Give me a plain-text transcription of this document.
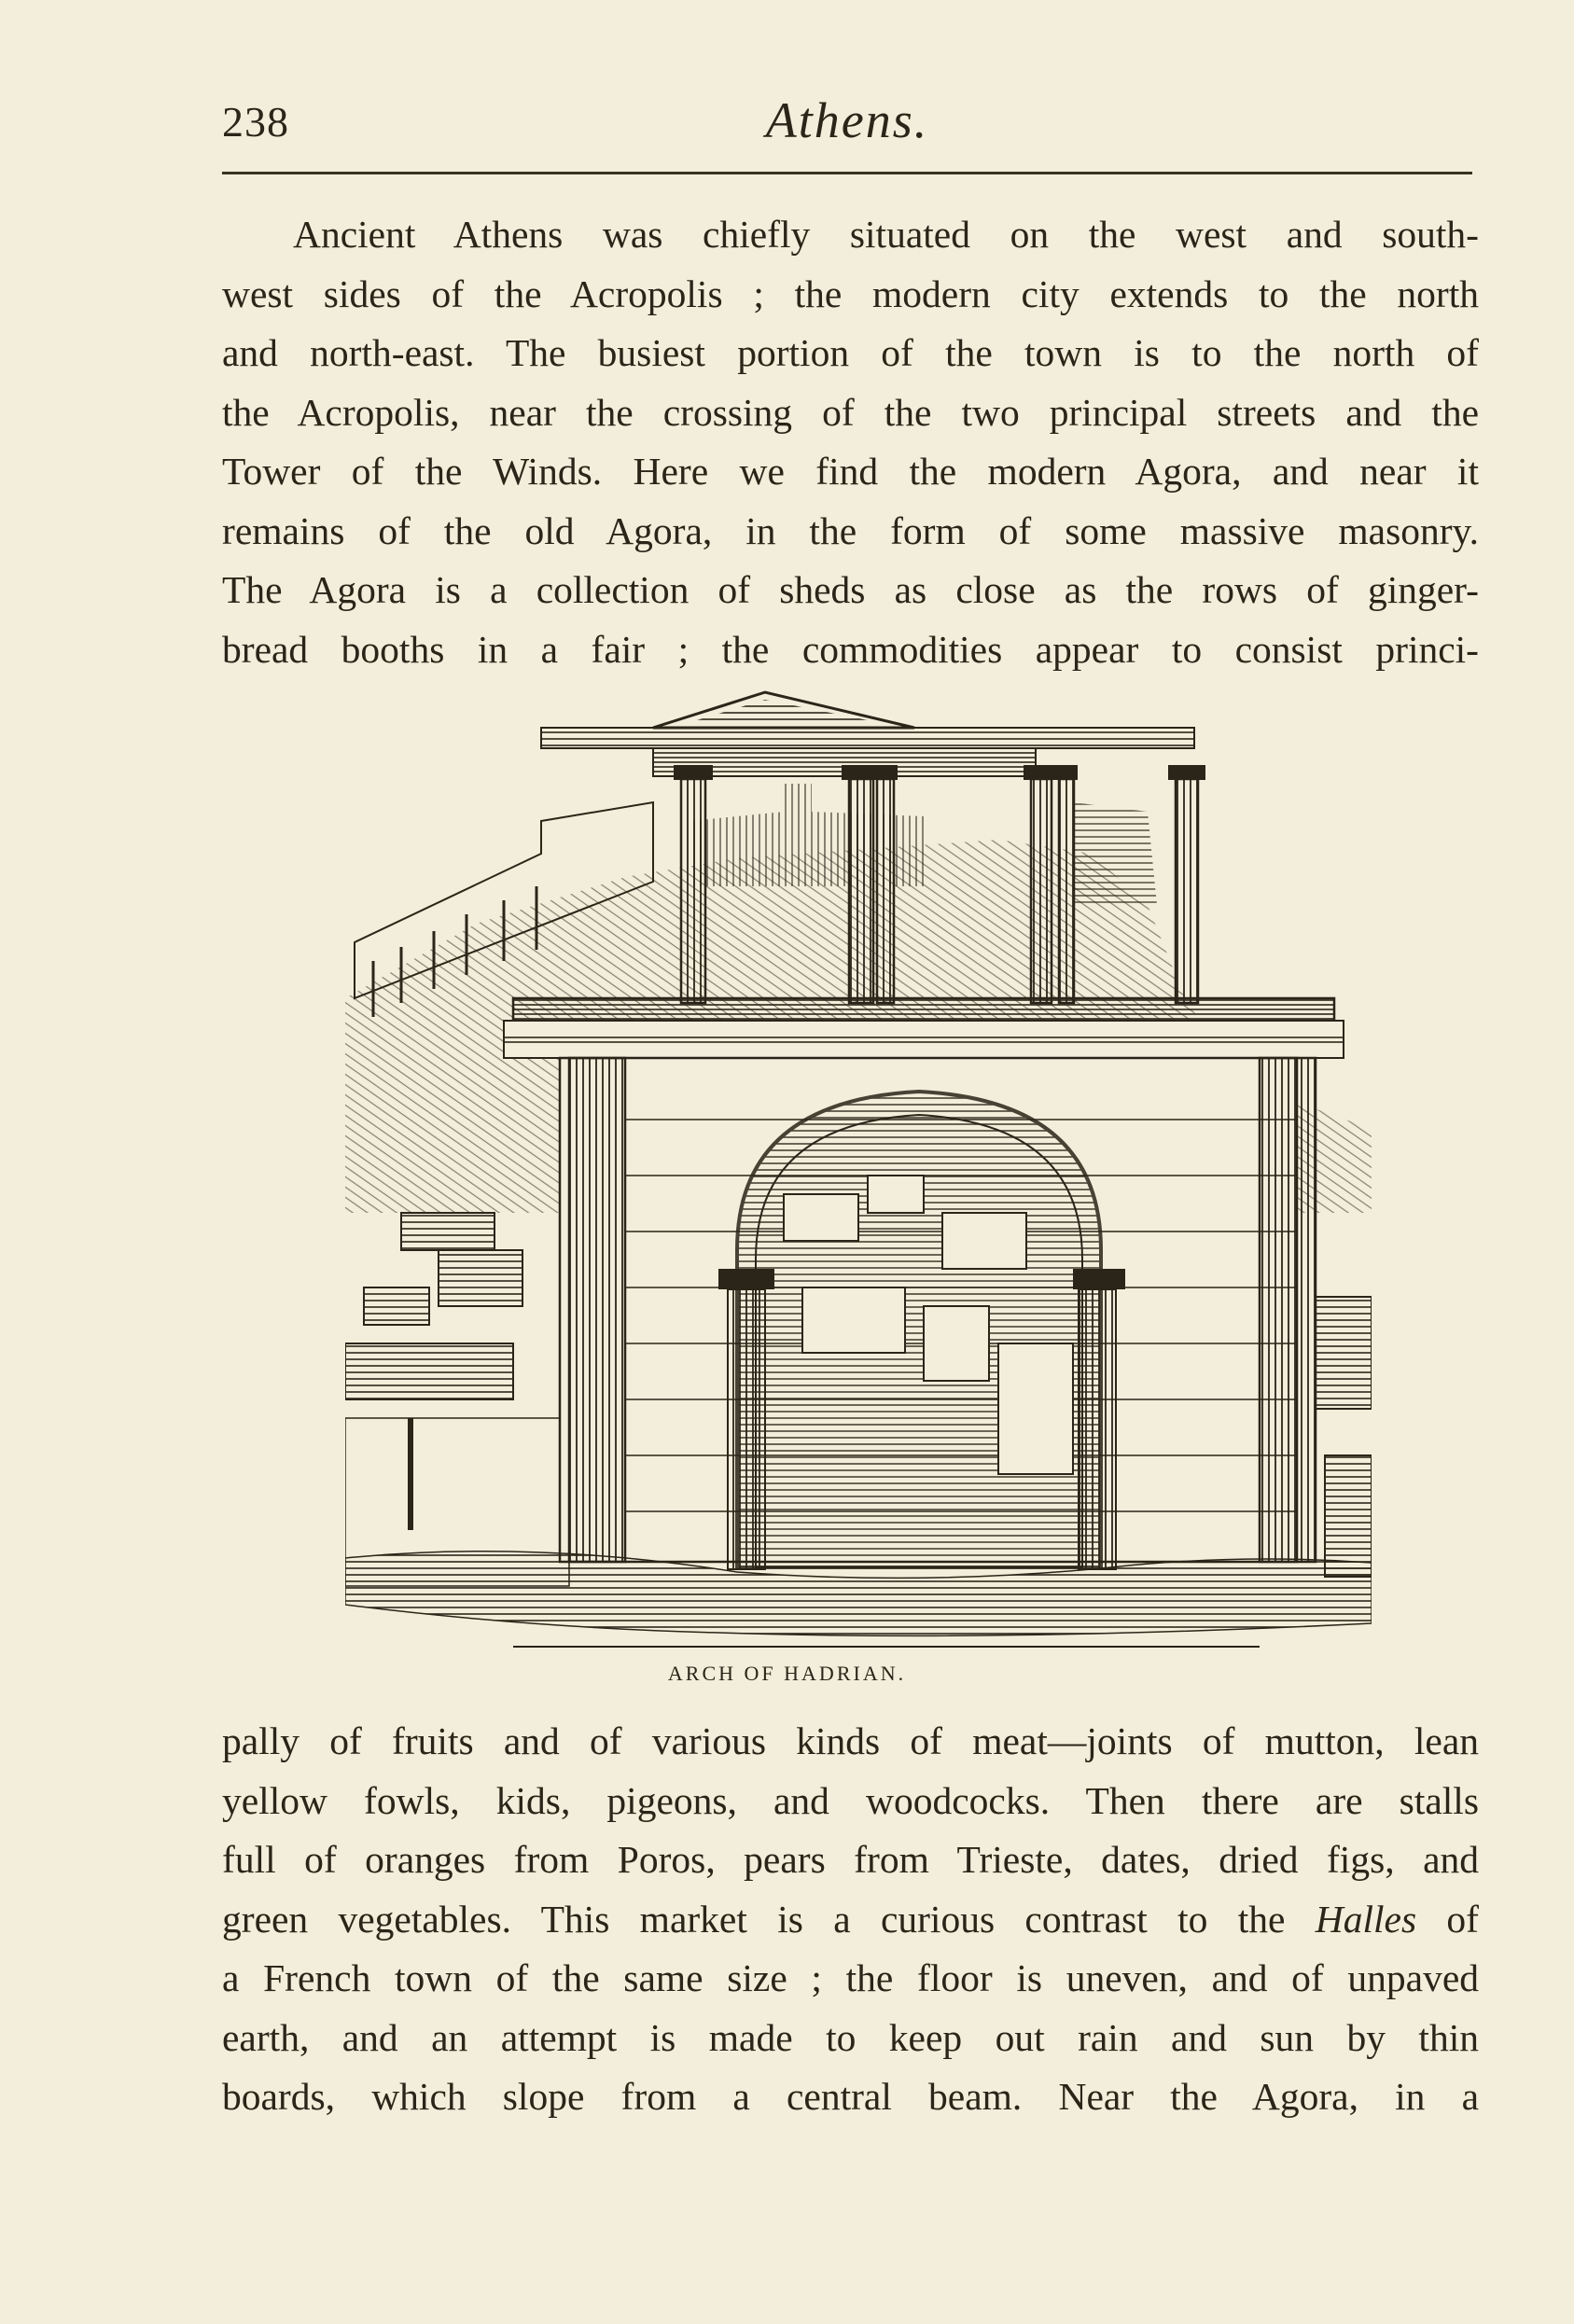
238	Athens.

Ancient Athens was chiefly situated on the west and south-
west sides of the Acropolis ; the modern city extends to the north
and north-east. The busiest portion of the town is to the north of
the Acropolis, near the crossing of the two principal streets and the
Tower of the Winds. Here we find the modern Agora, and near it
remains of the old Agora, in the form of some massive masonry.
The Agora is a collection of sheds as close as the rows of ginger-
bread booths in a fair ; the commodities appear to consist princi-

ARCH OF HADRIAN.

pally of fruits and of various kinds of meat—joints of mutton, lean
yellow fowls, kids, pigeons, and woodcocks. Then there are stalls
full of oranges from Poros, pears from Trieste, dates, dried figs, and
green vegetables. This market is a curious contrast to the Halles of
a French town of the same size ; the floor is uneven, and of unpaved
earth, and an attempt is made to keep out rain and sun by thin
boards, which slope from a central beam. Near the Agora, in a
